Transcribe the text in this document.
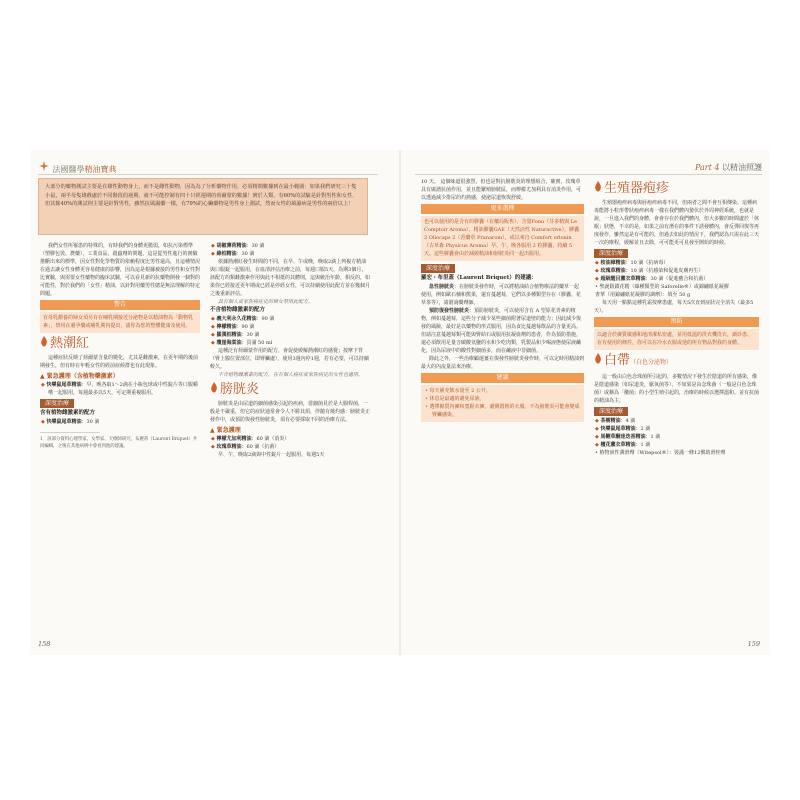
法國醫學精油寶典
大部分的藥物測試主要是在雄性動物身上，而不是雌性動物，因為為了分析藥物作用，必須精簡數據到在最小範圍：如果我們研究三十隻小鼠，兩半母隻雄戲處於不同階段的週期，就不可能控制有四十只經週期的荷爾蒙的數據！實於人類，有60%的試驗是針對男性和女性，但其餘40%的測試則主要是針對男性，雖然抗風濕藥一樣，有79%的心臟藥物是男性身上測試，然而女性的風濕病是男性的兩倍以上！

我們女性所罹患的特殊的，有時我們的身體更脆弱，如抗污染標準（塑膠包裝、農藥），工業食品，殺蟲劑的問題，這是從男性進行的實驗推斷出來的標準，因女性對化學物質的依賴程度比男性還高，且這種情況在過去讓女性身體更容易健康的影響，因為這是根據被接的男性和女性對比實驗，與需要女性藥物的臨床試驗，可以看見新的抗藥物開發一個對的可能性，對於我們的「女性」精油，以針對用藥男性總是無法理解的特定問題。

警告
有母乳餵養的婦女須另有在哺乳期接近分泌物是以精油物為「動物乳素」，禁用在避孕藥或哺乳期內提出，請你為您的整體健康及使用。
熱潮紅

這種症狀反映了荷爾蒙含量的變化，尤其是雌激素，在更年期的後前期發生，但有時在年輕女性的經前症候群也有此現象。

▲ 緊急護理（含植物藥激素）
◆ 快樂鼠尾草精油：早，晚各取1～2滴在小瓶包球或中性錠片等口服嚼嚐一起服用，每週最多以5天，可定期重複服用。
深度治療
含有植物雌激素的配方
◆ 快樂鼠尾草精油：30 滴
1　該部分資料心理學家、女學家、天療師研究，布麗蒂（Laurent Briquet）共同編輯，之後在其他病例中會看到他的建議。
◆ 胡椒薄荷精油：30 滴
◆ 綠柏精油：30 滴

依據熱潮紅發生時間的不同，在早、午或晚，晚取2滴上列複方精油與口服錠一起服用，在血清評估治療之前，每週口服5天，為期3個月，該配方的類雌激素作用與此不相抵的其體則，這與統治年齡，相反的，如果你已經接近更年期或已經是停經女性，可以持續使用此配方並在幾個月之後重新評估。

具有個人或家族癌症史的婦女禁用此配方。

不含植物雌激素的配方
◆ 義大利永久花精油：90 滴
◆ 檸檬精油：90 滴
◆ 羅漢柏精油：30 滴
◆ 瓊崖海棠油：買滿 50 ml

這種泛有荷爾蒙作用的配方，會促使緩解熱潮紅的感覺；按摩下背（腎上腺位置部位，即腎臟處），使用3週內停1週，若有必要，可以持續較久。

不含植物雌激素的配方，在有個人癌症或家族病史的女性也適用。

膀胱炎

膀胱炎是由尿道的細菌感染引起的疾病，當細菌見於是大腸桿菌，一般是不嚴重，但它的症狀通常會令人不勝其煩，伴隨有燒灼感：膀胱炎正發作中，或預防復發性膀胱炎，須有必要採取不同的治療方法。

▲ 緊急護理
◆ 檸檬尤加利精油：60 滴（消炎）
◆ 玫瑰草精油：60 滴（抗菌）

早、午，晚取2滴與中性錠片一起服用，每週5天

158
Part 4 以精油照護

10 天。 這個味道很強烈，但也是對抗膀胱炎的理想組合，確實，玫瑰草具有廣譜抗菌作用，並且能繁殖膀胱區，而檸檬尤加利具有消炎作用，可以透過減少排尿的灼熱感，使泌尿道恢復舒緩。

更多選擇
也可以使用的是含有的膠囊（在藥局販售），含量Fonu（芬多精與 Le Comptoir Aroma）、精油膠囊GAE（天然活性 Naturactive），膠囊 2 Oliocaps 2（香藥草 Pranarom），或以來自 Comfort orlonin（古草森 Physicus Aroma）早、午、晚各服用 2 粒膠囊，持續 5 天。這些膠囊會由於減緩精油和膀胱炎同一起出服用。
深度治療
羅宏・布里蓋（Laurent Briquet）的建議：

急性膀胱炎：在膀胱炎發作時，可以將精油結合植物療法的藥草一起使用，例如歐石楠和熊果，還有蔓越莓，它們以多種類型存在（膠囊、花草茶等），請諮詢藥劑師。

預防復發性膀胱炎：預防膀胱炎，可以使用含有 A 型原花青素的植物，例如蔓越莓，這些分子減少某些細菌附著尿道壁的能力；因此減少復發的風險，最好是以藥物的形式服用，因為食比蔓越莓飲品的含量更高。但請注意蔓越莓類可能與腎結石或服用抗凝血劑的患者，作為預防措施，還必須飲用足量含碳酸氫鹽的水和少吃肉類，乳製品和少喝液態使尿液鹼化，因為尿液中的酸性對細菌多，而在鹼液中非細菌。

除此之外，一些治療顧運薑在復發性膀胱炎發作時，可以定時用精油到最大的內流量法來治療。

建議
• 每天補充飲水量至 2 公升。
• 休息是最適的避免尿液。
• 選擇棉質內褲和寬鬆衣褲，避開悶熱的衣服。不為膀胱炎可能會變成腎臟感染。
生殖器疱疹

生殖器疱疹病毒與唇疱疹病毒不同，但兩者之間不會互相傳染。這種病毒能將小粒形帶狀疱疹病毒一樣在我們體內蟄伏於外周神經系統，也就是說，一旦進入我們的身體，會會存在於我們體內，但大多數的時間處於「休眠」狀態，不幸的是，如果之前有潛在的事件下誘發體內，會反彈回復等再度發作，雖然這是有可能的，但過去如此的情況下，我們認為只需在此三天一次的療程，緩解並且去除，可可能更可見發至開始的時候。

深度治療
◆ 桉油樟精油：10 滴（抗病毒）
◆ 玫瑰草精油：10 滴（抗感染和促進皮膚再生）
◆ 超級醒目薰衣草精油：30 滴（促進癒合和抗菌）
• 聖誕鈕鎖花精（綠種類型的 Saforelle®）或錦繡紙花凝膠
書華（用錦繡紙花凝膠的調劑）：填至 50 g

每天用一點點這種乳霜按摩患處，每天5次直到症狀完全消失（最多5天）。

預防
以適合於膚質敏感和地清潔私密處，並用低溫的洗衣機洗衣，讀診患、在有使用的條件，你可以在冷水衣服或他的所有物品對我的身體。
白帶（白色分泌物）

這一般由白色念珠菌所引起的，多數情況下發生於陰道的所有感染，像是陰道感染（如尿道炎，厭氧菌等），不如果是由念珠菌（一般是白色念珠菌）或稱為「黴菌」的小型生殖引起的，治療的時候以選擇溫和、並有抗菌的精油為主。

深度治療
◆ 茶樹精油：4 滴
◆ 快樂鼠尾草精油：2 滴
◆ 馬鞭草酮迷迭香精油：1 滴
◆ 檀花薰衣草精油：1 滴
• 植物液性潤滑劑（Witepsol®）：裝滿一條12號助滑栓劑
159
